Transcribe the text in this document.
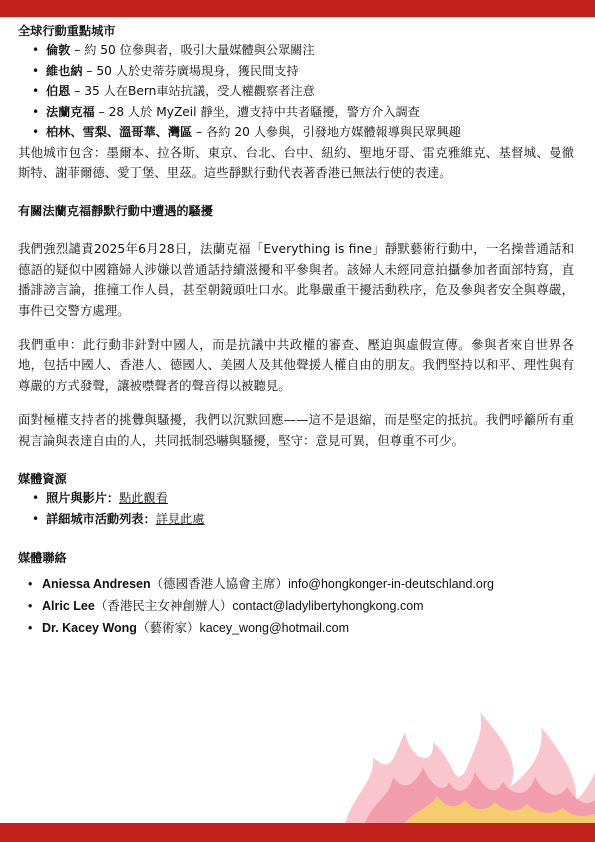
全球行動重點城市

• 倫敦 – 約 50 位參與者，吸引大量媒體與公眾關注
• 維也納 – 50 人於史蒂芬廣場現身，獲民間支持
• 伯恩 – 35 人在Bern車站抗議，受人權觀察者注意
• 法蘭克福 – 28 人於 MyZeil 靜坐，遭支持中共者騷擾，警方介入調查
• 柏林、雪梨、溫哥華、灣區 – 各約 20 人參與，引發地方媒體報導與民眾興趣

其他城市包含：墨爾本、拉各斯、東京、台北、台中、紐約、聖地牙哥、雷克雅維克、基督城、曼徹斯特、謝菲爾德、愛丁堡、里茲。這些靜默行動代表著香港已無法行使的表達。

有關法蘭克福靜默行動中遭遇的騷擾

我們強烈譴責2025年6月28日，法蘭克福「Everything is fine」靜默藝術行動中，一名操普通話和德語的疑似中國籍婦人涉嫌以普通話持續滋擾和平參與者。該婦人未經同意拍攝參加者面部特寫，直播誹謗言論，推撞工作人員，甚至朝鏡頭吐口水。此舉嚴重干擾活動秩序，危及參與者安全與尊嚴，事件已交警方處理。

我們重申：此行動非針對中國人，而是抗議中共政權的審查、壓迫與虛假宣傳。參與者來自世界各地，包括中國人、香港人、德國人、美國人及其他聲援人權自由的朋友。我們堅持以和平、理性與有尊嚴的方式發聲，讓被噤聲者的聲音得以被聽見。

面對極權支持者的挑釁與騷擾，我們以沉默回應——這不是退縮，而是堅定的抵抗。我們呼籲所有重視言論與表達自由的人，共同抵制恐嚇與騷擾，堅守：意見可異，但尊重不可少。

媒體資源

• 照片與影片：點此觀看
• 詳細城市活動列表：詳見此處

媒體聯絡

• Aniessa Andresen（德國香港人協會主席）info@hongkonger-in-deutschland.org
• Alric Lee（香港民主女神創辦人）contact@ladylibertyhongkong.com
• Dr. Kacey Wong（藝術家）kacey_wong@hotmail.com
